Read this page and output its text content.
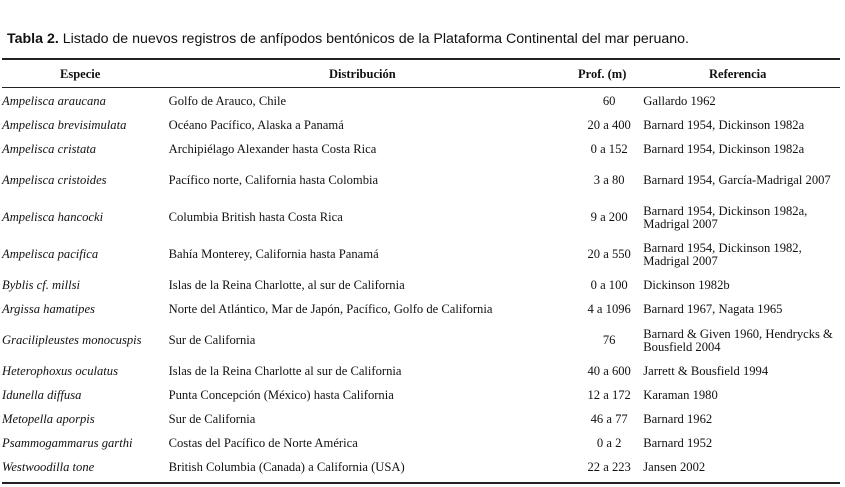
Tabla 2. Listado de nuevos registros de anfípodos bentónicos de la Plataforma Continental del mar peruano.
Especie	Distribución	Prof. (m)	Referencia
Ampelisca araucana	Golfo de Arauco, Chile	60	Gallardo 1962
Ampelisca brevisimulata	Océano Pacífico, Alaska a Panamá	20 a 400	Barnard 1954, Dickinson 1982a
Ampelisca cristata	Archipiélago Alexander hasta Costa Rica	0 a 152	Barnard 1954, Dickinson 1982a
Ampelisca cristoides	Pacífico norte, California hasta Colombia	3 a 80	Barnard 1954, García-Madrigal 2007
Ampelisca hancocki	Columbia British hasta Costa Rica	9 a 200	Barnard 1954, Dickinson 1982a, Madrigal 2007
Ampelisca pacifica	Bahía Monterey, California hasta Panamá	20 a 550	Barnard 1954, Dickinson 1982, Madrigal 2007
Byblis cf. millsi	Islas de la Reina Charlotte, al sur de California	0 a 100	Dickinson 1982b
Argissa hamatipes	Norte del Atlántico, Mar de Japón, Pacífico, Golfo de California	4 a 1096	Barnard 1967, Nagata 1965
Gracilipleustes monocuspis	Sur de California	76	Barnard & Given 1960, Hendrycks & Bousfield 2004
Heterophoxus oculatus	Islas de la Reina Charlotte al sur de California	40 a 600	Jarrett & Bousfield 1994
Idunella diffusa	Punta Concepción (México) hasta California	12 a 172	Karaman 1980
Metopella aporpis	Sur de California	46 a 77	Barnard 1962
Psammogammarus garthi	Costas del Pacífico de Norte América	0 a 2	Barnard 1952
Westwoodilla tone	British Columbia (Canada) a California (USA)	22 a 223	Jansen 2002
